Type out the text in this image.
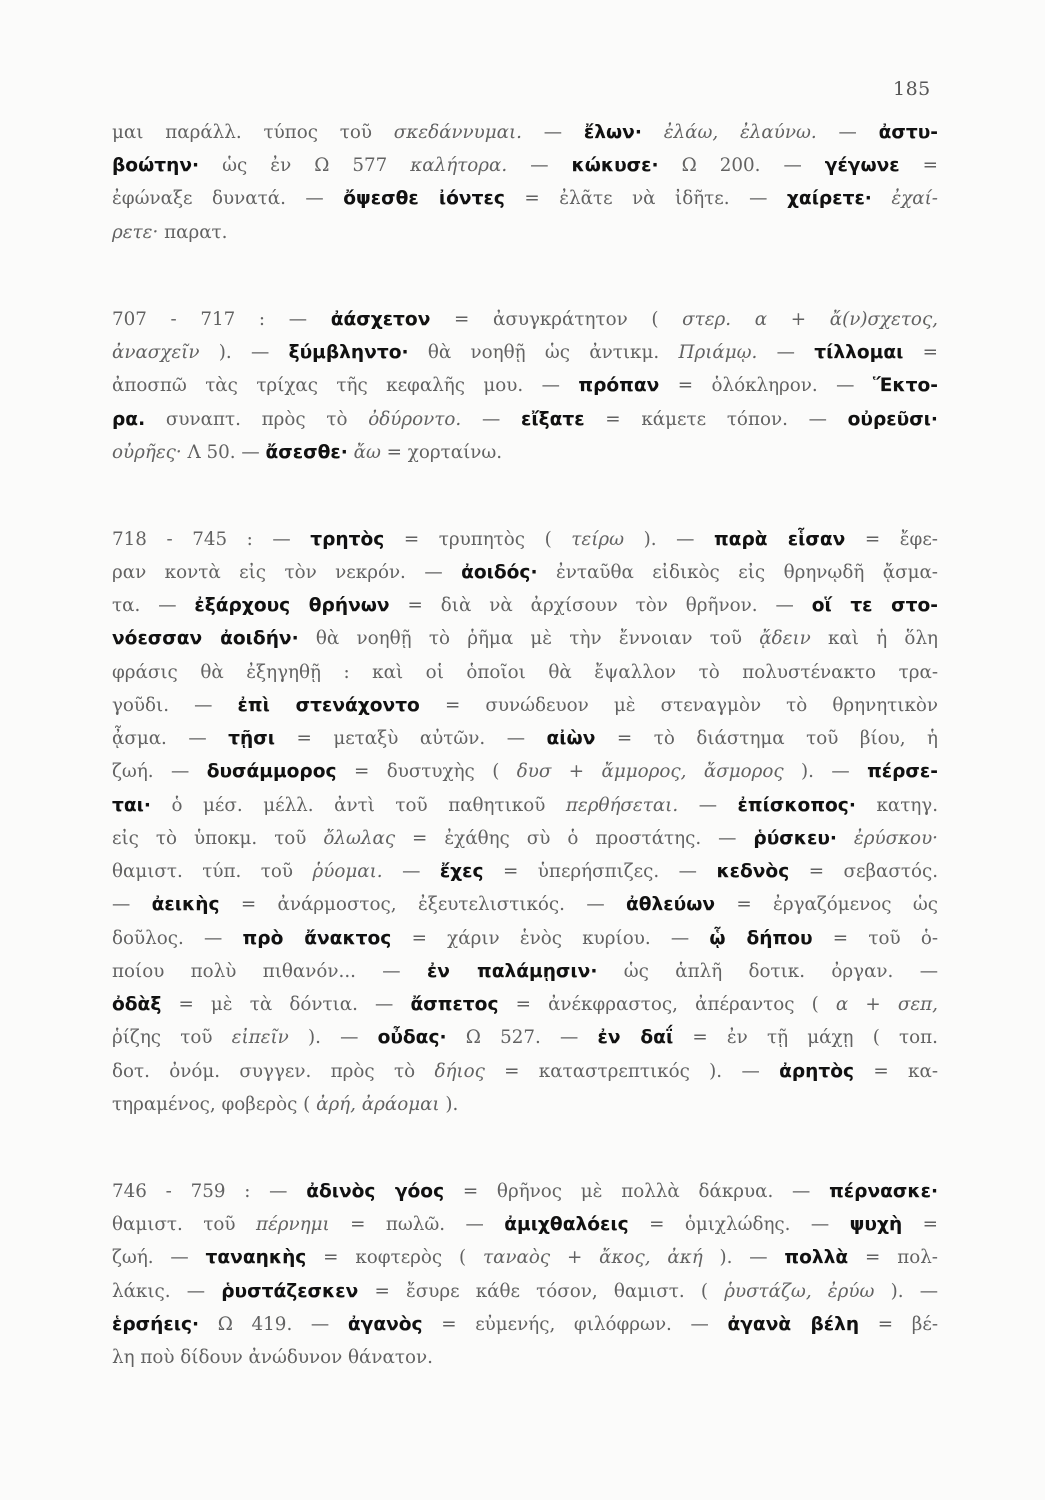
185
μαι παράλλ. τύπος τοῦ σκεδάννυμαι. — ἔλων· ἐλάω, ἐλαύνω. — ἀστυ-
βοώτην· ὡς ἐν Ω 577 καλήτορα. — κώκυσε· Ω 200. — γέγωνε =
ἐφώναξε δυνατά. — ὄψεσθε ἰόντες = ἐλᾶτε νὰ ἰδῆτε. — χαίρετε· ἐχαί-
ρετε· παρατ.
707 - 717 : — ἀάσχετον = ἀσυγκράτητον ( στερ. α + ἄ(ν)σχετος,
ἀνασχεῖν ). — ξύμβληντο· θὰ νοηθῇ ὡς ἀντικμ. Πριάμῳ. — τίλλομαι =
ἀποσπῶ τὰς τρίχας τῆς κεφαλῆς μου. — πρόπαν = ὁλόκληρον. — Ἕκτο-
ρα. συναπτ. πρὸς τὸ ὀδύροντο. — εἴξατε = κάμετε τόπον. — οὐρεῦσι·
οὐρῆες· Λ 50. — ἄσεσθε· ἄω = χορταίνω.
718 - 745 : — τρητὸς = τρυπητὸς ( τείρω ). — παρὰ εἷσαν = ἔφε-
ραν κοντὰ εἰς τὸν νεκρόν. — ἀοιδός· ἐνταῦθα εἰδικὸς εἰς θρηνῳδῆ ᾄσμα-
τα. — ἐξάρχους θρήνων = διὰ νὰ ἀρχίσουν τὸν θρῆνον. — οἵ τε στο-
νόεσσαν ἀοιδήν· θὰ νοηθῇ τὸ ῥῆμα μὲ τὴν ἔννοιαν τοῦ ᾄδειν καὶ ἡ ὅλη
φράσις θὰ ἐξηγηθῇ : καὶ οἱ ὁποῖοι θὰ ἔψαλλον τὸ πολυστένακτο τρα-
γοῦδι. — ἐπὶ στενάχοντο = συνώδευον μὲ στεναγμὸν τὸ θρηνητικὸν
ᾆσμα. — τῇσι = μεταξὺ αὐτῶν. — αἰὼν = τὸ διάστημα τοῦ βίου, ἡ
ζωή. — δυσάμμορος = δυστυχὴς ( δυσ + ἄμμορος, ἄσμορος ). — πέρσε-
ται· ὁ μέσ. μέλλ. ἀντὶ τοῦ παθητικοῦ περθήσεται. — ἐπίσκοπος· κατηγ.
εἰς τὸ ὑποκμ. τοῦ ὄλωλας = ἐχάθης σὺ ὁ προστάτης. — ῥύσκευ· ἐρύσκου·
θαμιστ. τύπ. τοῦ ῥύομαι. — ἔχες = ὑπερήσπιζες. — κεδνὸς = σεβαστός.
— ἀεικὴς = ἀνάρμοστος, ἐξευτελιστικός. — ἀθλεύων = ἐργαζόμενος ὡς
δοῦλος. — πρὸ ἄνακτος = χάριν ἑνὸς κυρίου. — ᾧ δήπου = τοῦ ὁ-
ποίου πολὺ πιθανόν... — ἐν παλάμῃσιν· ὡς ἁπλῆ δοτικ. ὀργαν. —
ὀδὰξ = μὲ τὰ δόντια. — ἄσπετος = ἀνέκφραστος, ἀπέραντος ( α + σεπ,
ῥίζης τοῦ εἰπεῖν ). — οὖδας· Ω 527. — ἐν δαΐ = ἐν τῇ μάχῃ ( τοπ.
δοτ. ὀνόμ. συγγεν. πρὸς τὸ δήιος = καταστρεπτικός ). — ἀρητὸς = κα-
τηραμένος, φοβερὸς ( ἀρή, ἀράομαι ).
746 - 759 : — ἀδινὸς γόος = θρῆνος μὲ πολλὰ δάκρυα. — πέρνασκε·
θαμιστ. τοῦ πέρνημι = πωλῶ. — ἀμιχθαλόεις = ὁμιχλώδης. — ψυχὴ =
ζωή. — ταναηκὴς = κοφτερὸς ( ταναὸς + ἄκος, ἀκή ). — πολλὰ = πολ-
λάκις. — ῥυστάζεσκεν = ἔσυρε κάθε τόσον, θαμιστ. ( ῥυστάζω, ἐρύω ). —
ἑρσήεις· Ω 419. — ἀγανὸς = εὐμενής, φιλόφρων. — ἀγανὰ βέλη = βέ-
λη ποὺ δίδουν ἀνώδυνον θάνατον.
